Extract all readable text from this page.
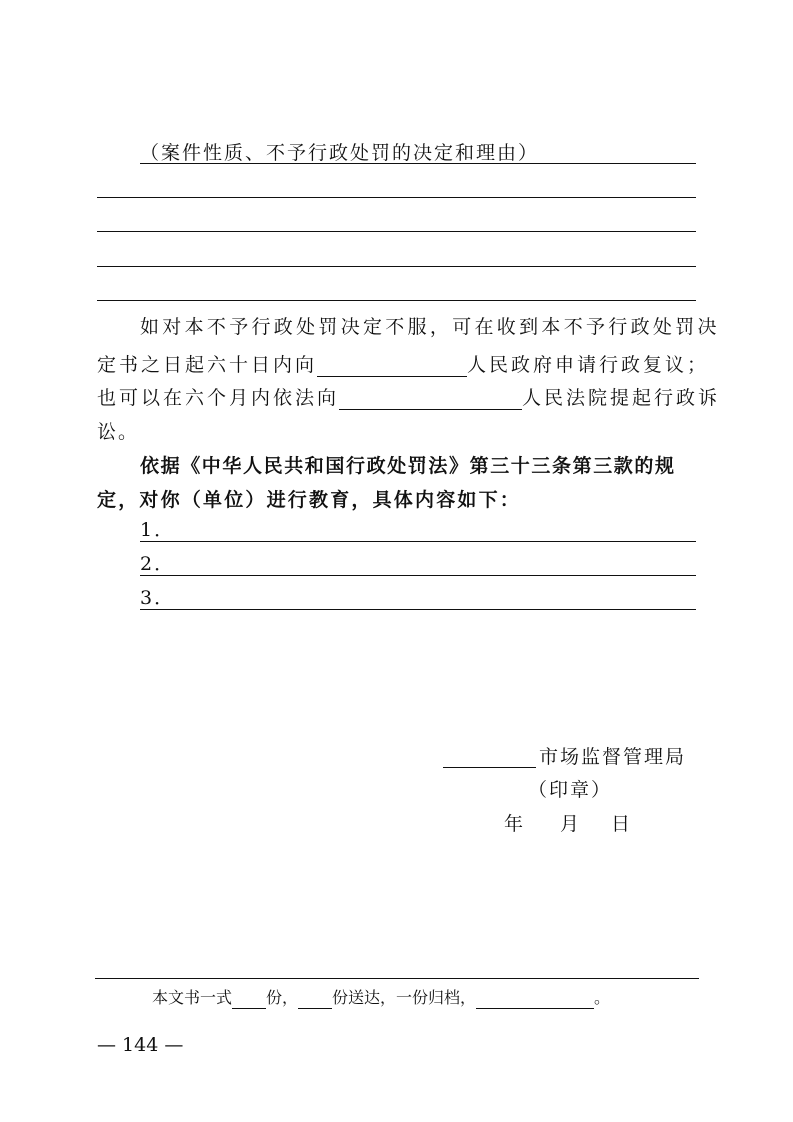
（案件性质、不予行政处罚的决定和理由）
如对本不予行政处罚决定不服，可在收到本不予行政处罚决
定书之日起六十日内向	人民政府申请行政复议；
也可以在六个月内依法向	人民法院提起行政诉
讼。
依据《中华人民共和国行政处罚法》第三十三条第三款的规
定，对你（单位）进行教育，具体内容如下：
1．
2．
3．
市场监督管理局
（印章）
年 月 日
本文书一式 份， 份送达，一份归档，	。
— 144 —
